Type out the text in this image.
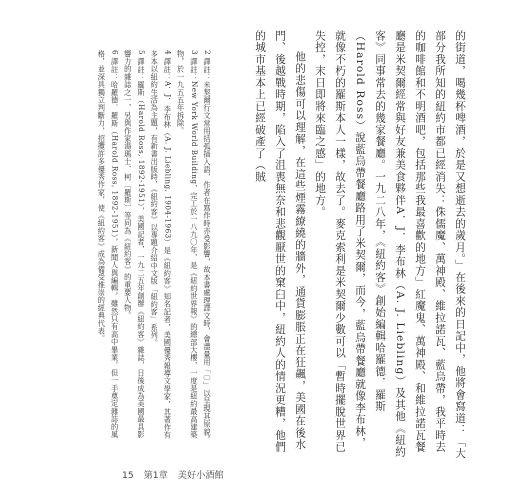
的街道，喝幾杯啤酒，於是又想逝去的歲月。」在後來的日記中，他將會寫道：「大部分我所知的紐約市都已經消失：侏儒魔、萬神殿、維拉諾瓦、藍烏帶，我平時去的咖啡館和不明酒吧，包括那些我最喜歡的地方」紅魔鬼、萬神殿、和維拉諾瓦餐廳是米契爾經常與好友兼美食夥伴A．J．李布林（A. J. Liebling）及其他《紐約客》同事常去的幾家餐廳。一九二八年，《紐約客》創始編輯哈羅德．羅斯（Harold Ross）說藍烏帶餐廳路用了米契爾，而今，藍烏帶餐廳就像李布林，就像不朽的羅斯本人一樣，故去了。麥克索利是米契爾少數可以「暫時擺脫世界已失控，末日即將來臨之感」的地方。

他的悲傷可以理解，在這些煙霧繚繞的牆外，通貨膨脹正在狂飆，美國在後水門、後越戰時期，陷入了沮喪無奈和悲觀厭世的窠臼中，紐約人的情況更糟，他們的城市基本上已經破產了（賊

2 譯註：米契爾行文常用括弧插入語，作者在寫作時亦受影響，故本書處理譯文時，會盡量用「〔〕」以呈現其原貌。

3 譯註：New York World Building，完工於一八九〇年，是《紐約世界報》的總部大樓，一度是紐約最高建築物，於一九五五年拆除。

4 譯註：A．J．李布林（A. J. Liebling, 1904-1963）是《紐約客》知名記者，美國優秀報導文學家，其著作有多本以紐約生活為主題，有新書出版時，《紐約客》以專題介紹中文版「紐約客」系列。

5 譯註：羅斯（Harold Ross, 1892-1951），美國記者，一九二五年創辦《紐約客》雜誌，日後成為美國最具影響力的雜誌之一，另與作家湯瑪士．柯〔羅斯〕等同為《紐約客》的重要人物。

6 譯註：哈羅德．羅斯（Harold Ross, 1892-1951），新聞人與編輯，雖然只有高中畢業，但一手奠定雜誌的風格，並深具獨立判斷力，招攬許多優秀作家，使《紐約客》成為備受推崇的經典代表。

15 第1章 美好小酒館
